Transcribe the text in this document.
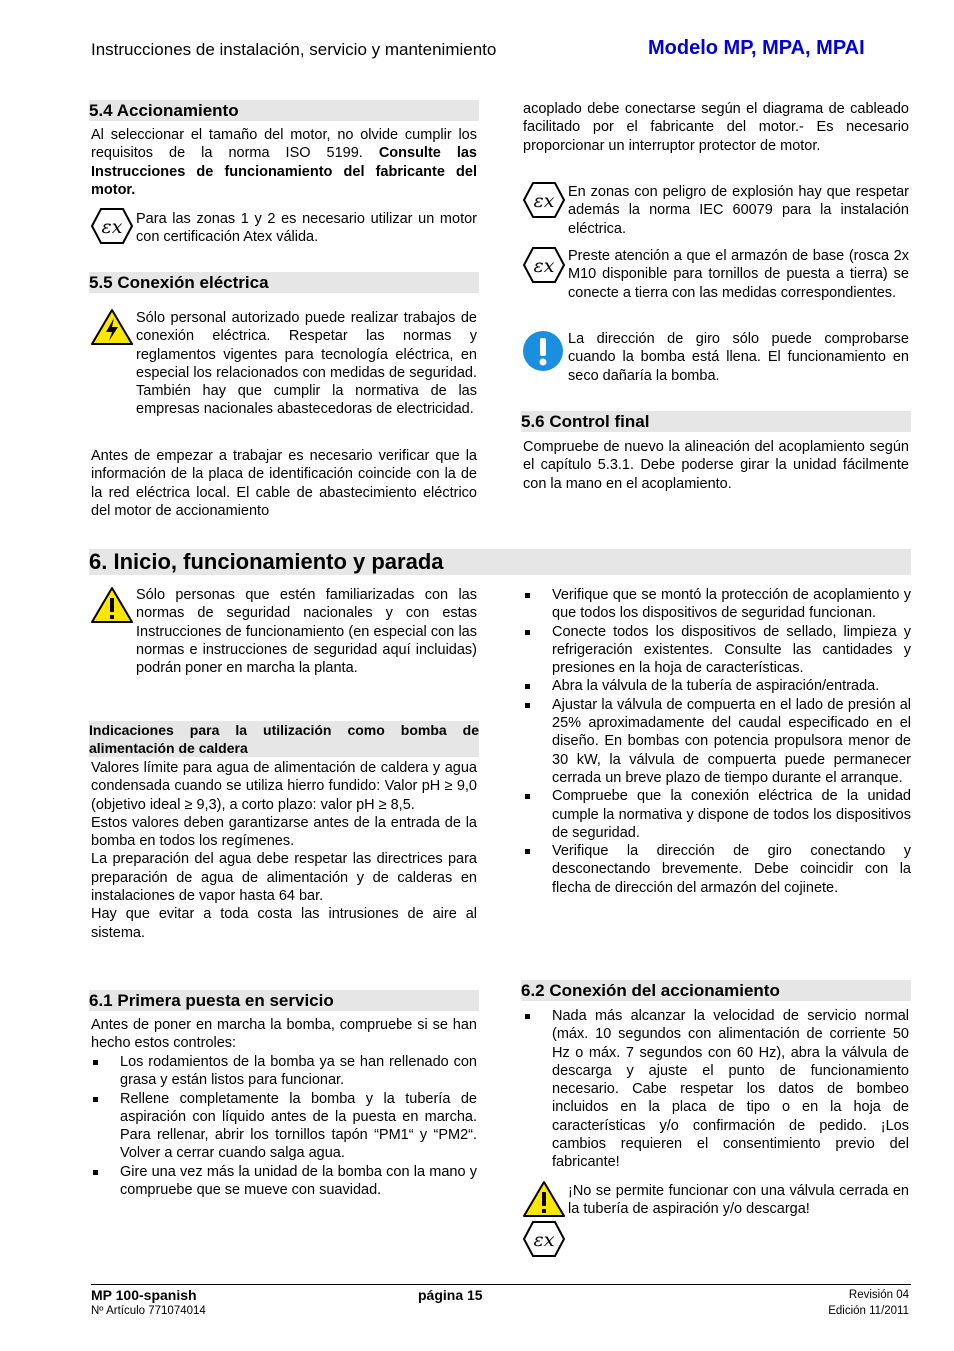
Instrucciones de instalación, servicio y mantenimiento	Modelo MP, MPA, MPAI
5.4 Accionamiento
Al seleccionar el tamaño del motor, no olvide cumplir los requisitos de la norma ISO 5199. Consulte las Instrucciones de funcionamiento del fabricante del motor.
εx Para las zonas 1 y 2 es necesario utilizar un motor con certificación Atex válida.
5.5 Conexión eléctrica
Sólo personal autorizado puede realizar trabajos de conexión eléctrica. Respetar las normas y reglamentos vigentes para tecnología eléctrica, en especial los relacionados con medidas de seguridad. También hay que cumplir la normativa de las empresas nacionales abastecedoras de electricidad.
Antes de empezar a trabajar es necesario verificar que la información de la placa de identificación coincide con la de la red eléctrica local. El cable de abastecimiento eléctrico del motor de accionamiento
acoplado debe conectarse según el diagrama de cableado facilitado por el fabricante del motor.- Es necesario proporcionar un interruptor protector de motor.
εx En zonas con peligro de explosión hay que respetar además la norma IEC 60079 para la instalación eléctrica.
εx Preste atención a que el armazón de base (rosca 2x M10 disponible para tornillos de puesta a tierra) se conecte a tierra con las medidas correspondientes.
La dirección de giro sólo puede comprobarse cuando la bomba está llena. El funcionamiento en seco dañaría la bomba.
5.6 Control final
Compruebe de nuevo la alineación del acoplamiento según el capítulo 5.3.1. Debe poderse girar la unidad fácilmente con la mano en el acoplamiento.
6. Inicio, funcionamiento y parada
Sólo personas que estén familiarizadas con las normas de seguridad nacionales y con estas Instrucciones de funcionamiento (en especial con las normas e instrucciones de seguridad aquí incluidas) podrán poner en marcha la planta.
Indicaciones para la utilización como bomba de alimentación de caldera
Valores límite para agua de alimentación de caldera y agua condensada cuando se utiliza hierro fundido: Valor pH ≥ 9,0 (objetivo ideal ≥ 9,3), a corto plazo: valor pH ≥ 8,5.
Estos valores deben garantizarse antes de la entrada de la bomba en todos los regímenes.
La preparación del agua debe respetar las directrices para preparación de agua de alimentación y de calderas en instalaciones de vapor hasta 64 bar.
Hay que evitar a toda costa las intrusiones de aire al sistema.
6.1 Primera puesta en servicio
Antes de poner en marcha la bomba, compruebe si se han hecho estos controles:
Los rodamientos de la bomba ya se han rellenado con grasa y están listos para funcionar.
Rellene completamente la bomba y la tubería de aspiración con líquido antes de la puesta en marcha. Para rellenar, abrir los tornillos tapón “PM1“ y “PM2“. Volver a cerrar cuando salga agua.
Gire una vez más la unidad de la bomba con la mano y compruebe que se mueve con suavidad.
Verifique que se montó la protección de acoplamiento y que todos los dispositivos de seguridad funcionan.
Conecte todos los dispositivos de sellado, limpieza y refrigeración existentes. Consulte las cantidades y presiones en la hoja de características.
Abra la válvula de la tubería de aspiración/entrada.
Ajustar la válvula de compuerta en el lado de presión al 25% aproximadamente del caudal especificado en el diseño. En bombas con potencia propulsora menor de 30 kW, la válvula de compuerta puede permanecer cerrada un breve plazo de tiempo durante el arranque.
Compruebe que la conexión eléctrica de la unidad cumple la normativa y dispone de todos los dispositivos de seguridad.
Verifique la dirección de giro conectando y desconectando brevemente. Debe coincidir con la flecha de dirección del armazón del cojinete.
6.2 Conexión del accionamiento
Nada más alcanzar la velocidad de servicio normal (máx. 10 segundos con alimentación de corriente 50 Hz o máx. 7 segundos con 60 Hz), abra la válvula de descarga y ajuste el punto de funcionamiento necesario. Cabe respetar los datos de bombeo incluidos en la placa de tipo o en la hoja de características y/o confirmación de pedido. ¡Los cambios requieren el consentimiento previo del fabricante!
εx
¡No se permite funcionar con una válvula cerrada en la tubería de aspiración y/o descarga!
MP 100-spanish
Nº Artículo 771074014
página 15	Revisión 04
Edición 11/2011
